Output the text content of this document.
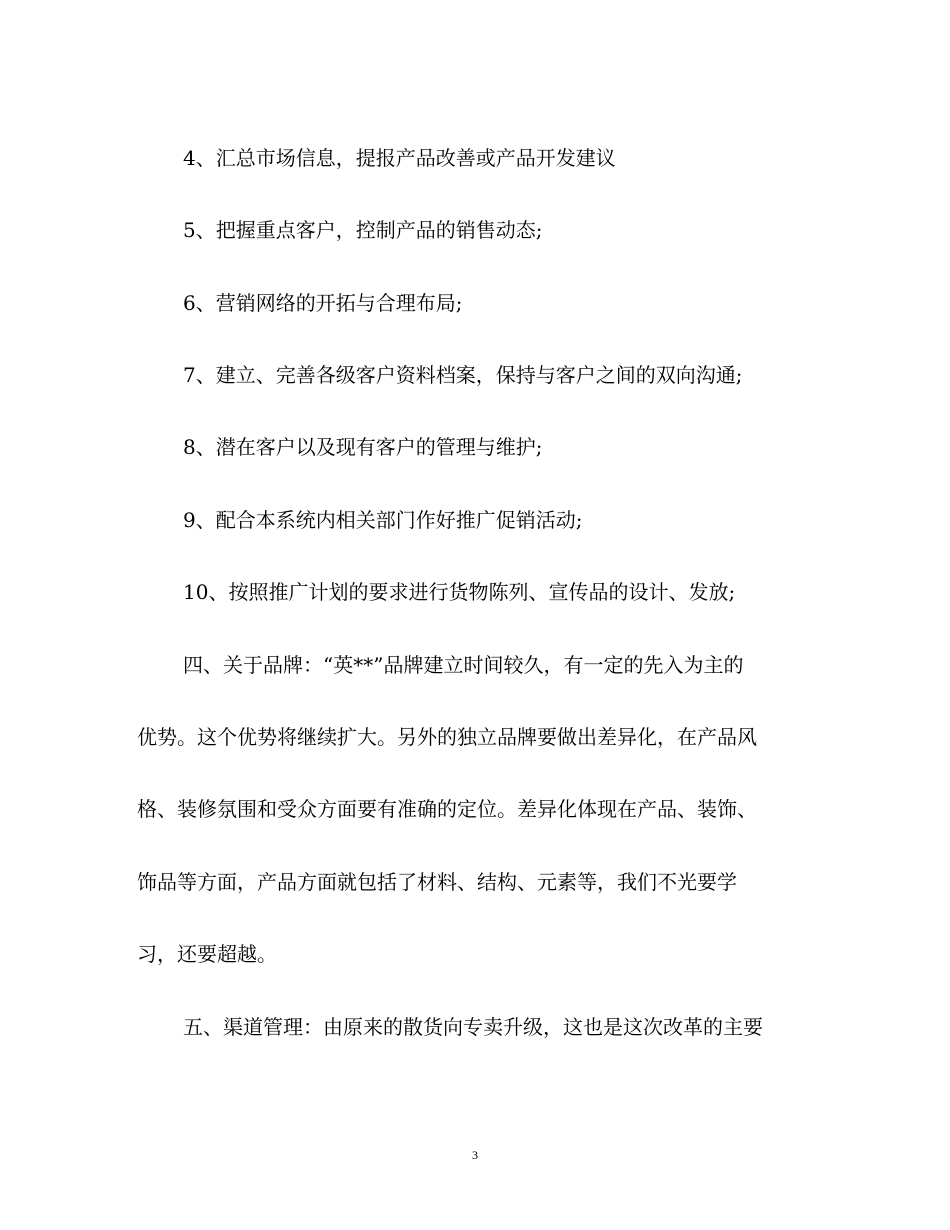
4、汇总市场信息，提报产品改善或产品开发建议
5、把握重点客户，控制产品的销售动态;
6、营销网络的开拓与合理布局;
7、建立、完善各级客户资料档案，保持与客户之间的双向沟通;
8、潜在客户以及现有客户的管理与维护;
9、配合本系统内相关部门作好推广促销活动;
10、按照推广计划的要求进行货物陈列、宣传品的设计、发放;
四、关于品牌：“英**”品牌建立时间较久，有一定的先入为主的
优势。这个优势将继续扩大。另外的独立品牌要做出差异化，在产品风
格、装修氛围和受众方面要有准确的定位。差异化体现在产品、装饰、
饰品等方面，产品方面就包括了材料、结构、元素等，我们不光要学
习，还要超越。
五、渠道管理：由原来的散货向专卖升级，这也是这次改革的主要
3
